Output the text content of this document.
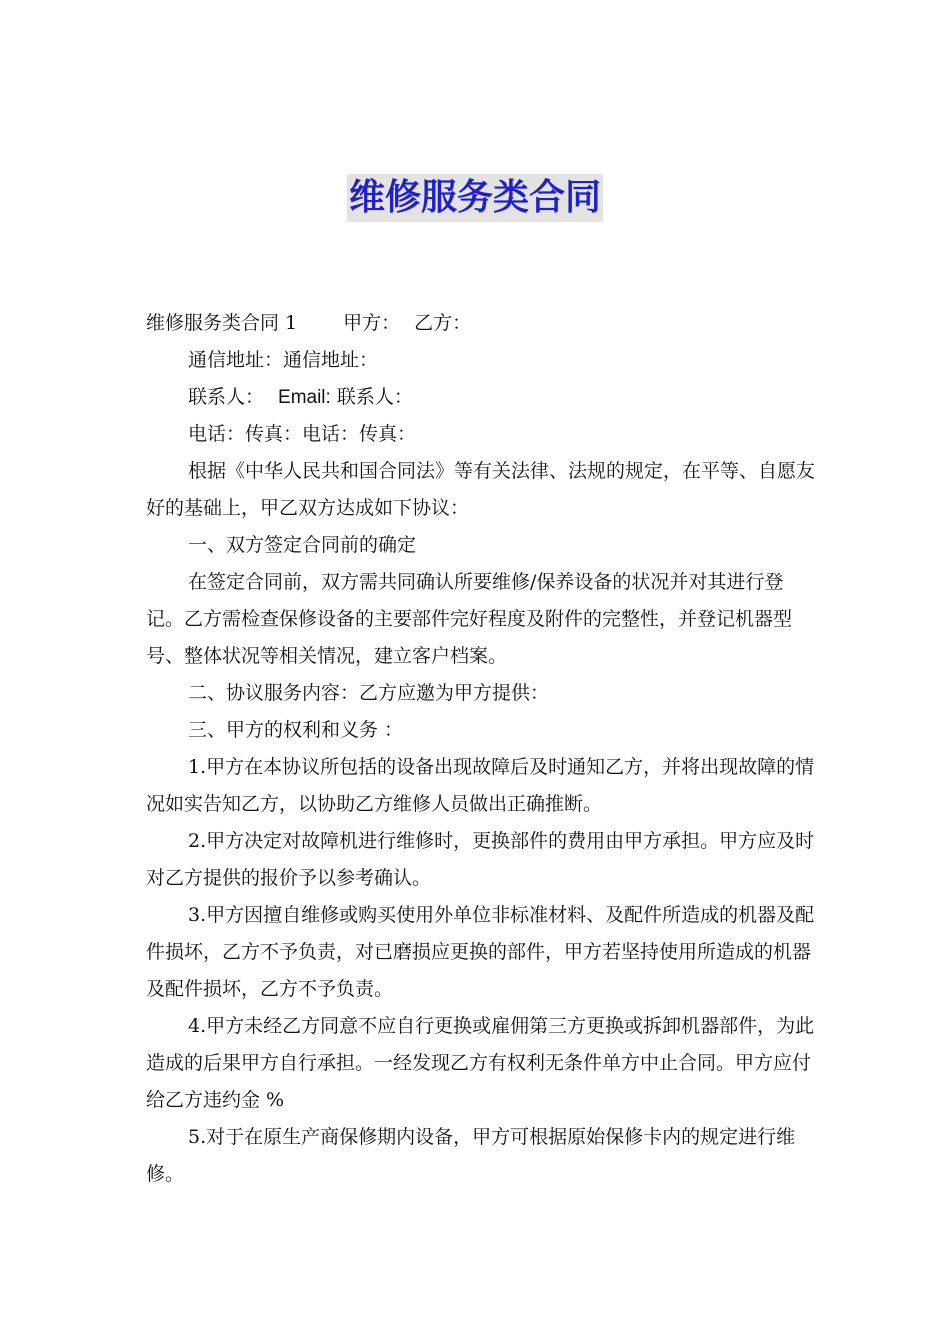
维修服务类合同

维修服务类合同 1 甲方： 乙方：

通信地址：通信地址：

联系人： Email: 联系人：

电话：传真：电话：传真：

根据《中华人民共和国合同法》等有关法律、法规的规定，在平等、自愿友好的基础上，甲乙双方达成如下协议：

一、双方签定合同前的确定

在签定合同前，双方需共同确认所要维修/保养设备的状况并对其进行登记。乙方需检查保修设备的主要部件完好程度及附件的完整性，并登记机器型号、整体状况等相关情况，建立客户档案。

二、协议服务内容：乙方应邀为甲方提供：

三、甲方的权利和义务 ：

1.甲方在本协议所包括的设备出现故障后及时通知乙方，并将出现故障的情况如实告知乙方，以协助乙方维修人员做出正确推断。

2.甲方决定对故障机进行维修时，更换部件的费用由甲方承担。甲方应及时对乙方提供的报价予以参考确认。

3.甲方因擅自维修或购买使用外单位非标准材料、及配件所造成的机器及配件损坏，乙方不予负责，对已磨损应更换的部件，甲方若坚持使用所造成的机器及配件损坏，乙方不予负责。

4.甲方未经乙方同意不应自行更换或雇佣第三方更换或拆卸机器部件，为此造成的后果甲方自行承担。一经发现乙方有权利无条件单方中止合同。甲方应付给乙方违约金 %

5.对于在原生产商保修期内设备，甲方可根据原始保修卡内的规定进行维修。
